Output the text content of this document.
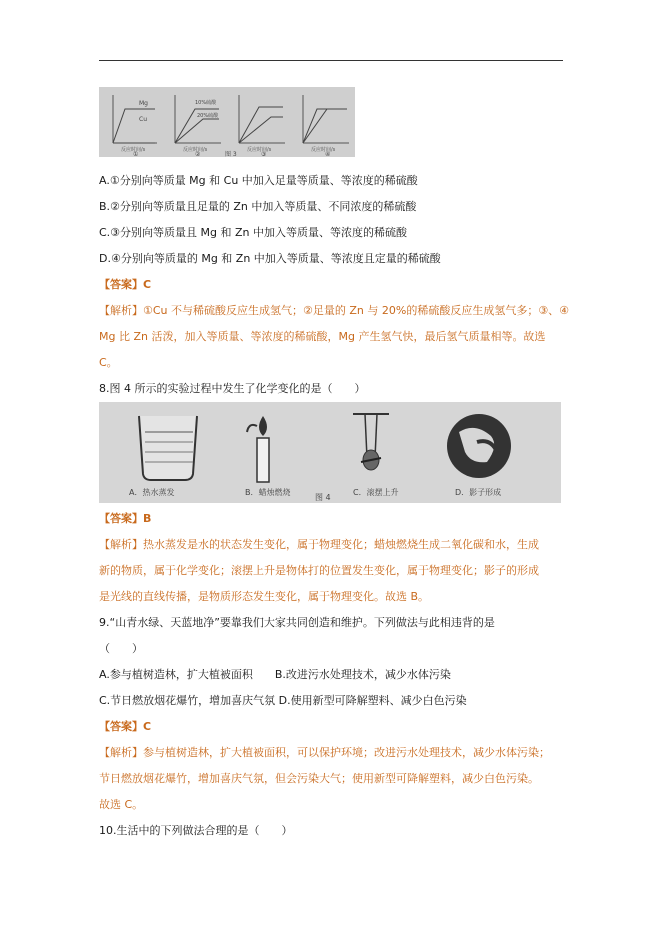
Mg
Cu
反应时间/s
①
10%硫酸
20%硫酸
反应时间/s
②
反应时间/s
③
反应时间/s
④
图 3
A.①分别向等质量 Mg 和 Cu 中加入足量等质量、等浓度的稀硫酸
B.②分别向等质量且足量的 Zn 中加入等质量、不同浓度的稀硫酸
C.③分别向等质量且 Mg 和 Zn 中加入等质量、等浓度的稀硫酸
D.④分别向等质量的 Mg 和 Zn 中加入等质量、等浓度且定量的稀硫酸
【答案】C
【解析】①Cu 不与稀硫酸反应生成氢气；②足量的 Zn 与 20%的稀硫酸反应生成氢气多；③、④
Mg 比 Zn 活泼，加入等质量、等浓度的稀硫酸，Mg 产生氢气快，最后氢气质量相等。故选
C。
8.图 4 所示的实验过程中发生了化学变化的是（　　）
A．热水蒸发	B．蜡烛燃烧	C．滚摆上升	D．影子形成
图 4
【答案】B
【解析】热水蒸发是水的状态发生变化，属于物理变化；蜡烛燃烧生成二氧化碳和水，生成
新的物质，属于化学变化；滚摆上升是物体打的位置发生变化，属于物理变化；影子的形成
是光线的直线传播，是物质形态发生变化，属于物理变化。故选 B。
9.“山青水绿、天蓝地净”要靠我们大家共同创造和维护。下列做法与此相违背的是
（　　）
A.参与植树造林，扩大植被面积　　B.改进污水处理技术，减少水体污染
C.节日燃放烟花爆竹，增加喜庆气氛 D.使用新型可降解塑料、减少白色污染
【答案】C
【解析】参与植树造林，扩大植被面积，可以保护环境；改进污水处理技术，减少水体污染；
节日燃放烟花爆竹，增加喜庆气氛，但会污染大气；使用新型可降解塑料，减少白色污染。
故选 C。
10.生活中的下列做法合理的是（　　）
